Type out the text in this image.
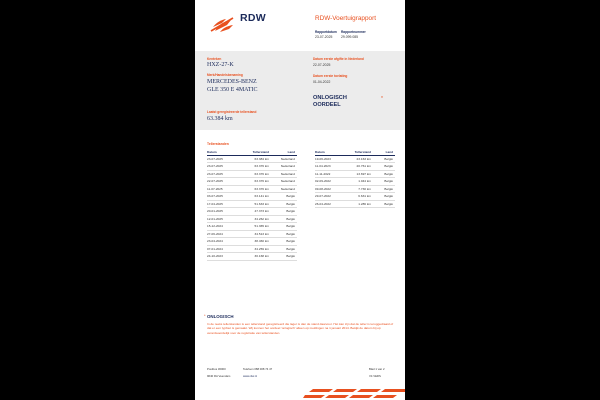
RDW	RDW-Voertuigrapport
Rapportdatum
23-07-2025
Rapportnummer
29.099.085
Kenteken
HXZ-27-K
Merk/Handelsbenaming
MERCEDES-BENZ
GLE 350 E 4MATIC
Laatst geregistreerde tellerstand
63.384 km
Datum eerste afgifte in Nederland
22-07-2025
Datum eerste toelating
01-04-2022
ONLOGISCH
OORDEEL
*
Tellerstanden
Datum	Tellerstand	Land
23-07-2025	63.384 km	Nederland
23-07-2025	63.376 km	Nederland
23-07-2025	63.376 km	Nederland
22-07-2025	63.376 km	Nederland
11-07-2025	63.376 km	Nederland
03-07-2025	63.141 km	België
17-04-2025	51.633 km	België
20-01-2025	47.373 km	België
12-01-2025	34.262 km	België
15-12-2024	51.365 km	België
27-06-2024	34.513 km	België
23-04-2024	38.460 km	België
07-01-2024	34.259 km	België
24-10-2023	30.168 km	België
Datum	Tellerstand	Land
19-06-2023	23.163 km	België
11-04-2023	20.761 km	België
11-11-2022	13.697 km	België
02-09-2022	1.044 km	België
09-08-2022	7.730 km	België
29-07-2022	6.631 km	België
26-04-2022	1.286 km	België
* ONLOGISCH
In de reeks tellerstanden is een tellerstand geregistreerd die lager is dan de stand daarvoor. Het kan zijn dat de teller is teruggedraaid of dat er een typfout is gemaakt. Wij kunnen het oordeel 'onlogisch' alleen op meldingen na 1 januari 2014. Bekijk de datum bij op verantwoordelijk voor de registratie van tellerstanden.
Postbus 30000
9640 RA Veendam
Telefoon 088 008 74 47
www.rdw.nl
Blad 1 van 2
V4 VERS
